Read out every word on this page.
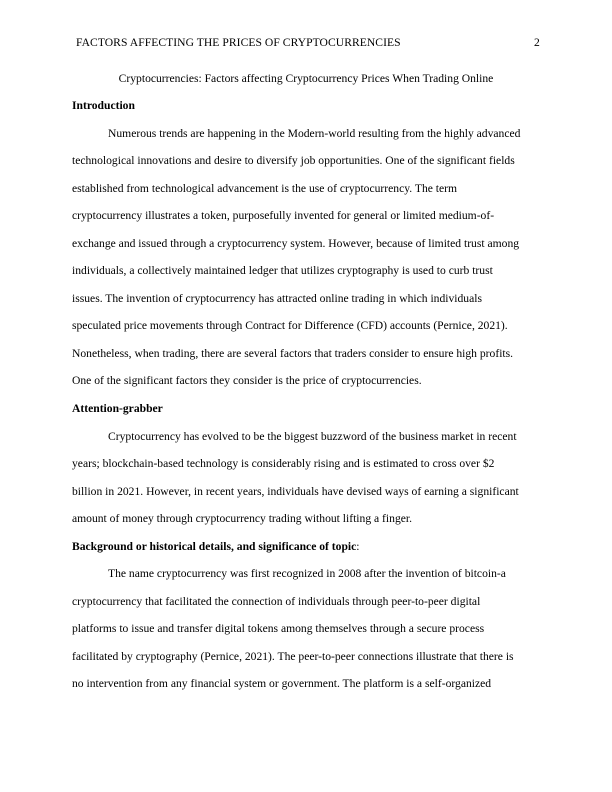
FACTORS AFFECTING THE PRICES OF CRYPTOCURRENCIES	2
Cryptocurrencies: Factors affecting Cryptocurrency Prices When Trading Online
Introduction
Numerous trends are happening in the Modern-world resulting from the highly advanced
technological innovations and desire to diversify job opportunities. One of the significant fields
established from technological advancement is the use of cryptocurrency. The term
cryptocurrency illustrates a token, purposefully invented for general or limited medium-of-
exchange and issued through a cryptocurrency system. However, because of limited trust among
individuals, a collectively maintained ledger that utilizes cryptography is used to curb trust
issues. The invention of cryptocurrency has attracted online trading in which individuals
speculated price movements through Contract for Difference (CFD) accounts (Pernice, 2021).
Nonetheless, when trading, there are several factors that traders consider to ensure high profits.
One of the significant factors they consider is the price of cryptocurrencies.
Attention-grabber
Cryptocurrency has evolved to be the biggest buzzword of the business market in recent
years; blockchain-based technology is considerably rising and is estimated to cross over $2
billion in 2021. However, in recent years, individuals have devised ways of earning a significant
amount of money through cryptocurrency trading without lifting a finger.
Background or historical details, and significance of topic:
The name cryptocurrency was first recognized in 2008 after the invention of bitcoin-a
cryptocurrency that facilitated the connection of individuals through peer-to-peer digital
platforms to issue and transfer digital tokens among themselves through a secure process
facilitated by cryptography (Pernice, 2021). The peer-to-peer connections illustrate that there is
no intervention from any financial system or government. The platform is a self-organized
